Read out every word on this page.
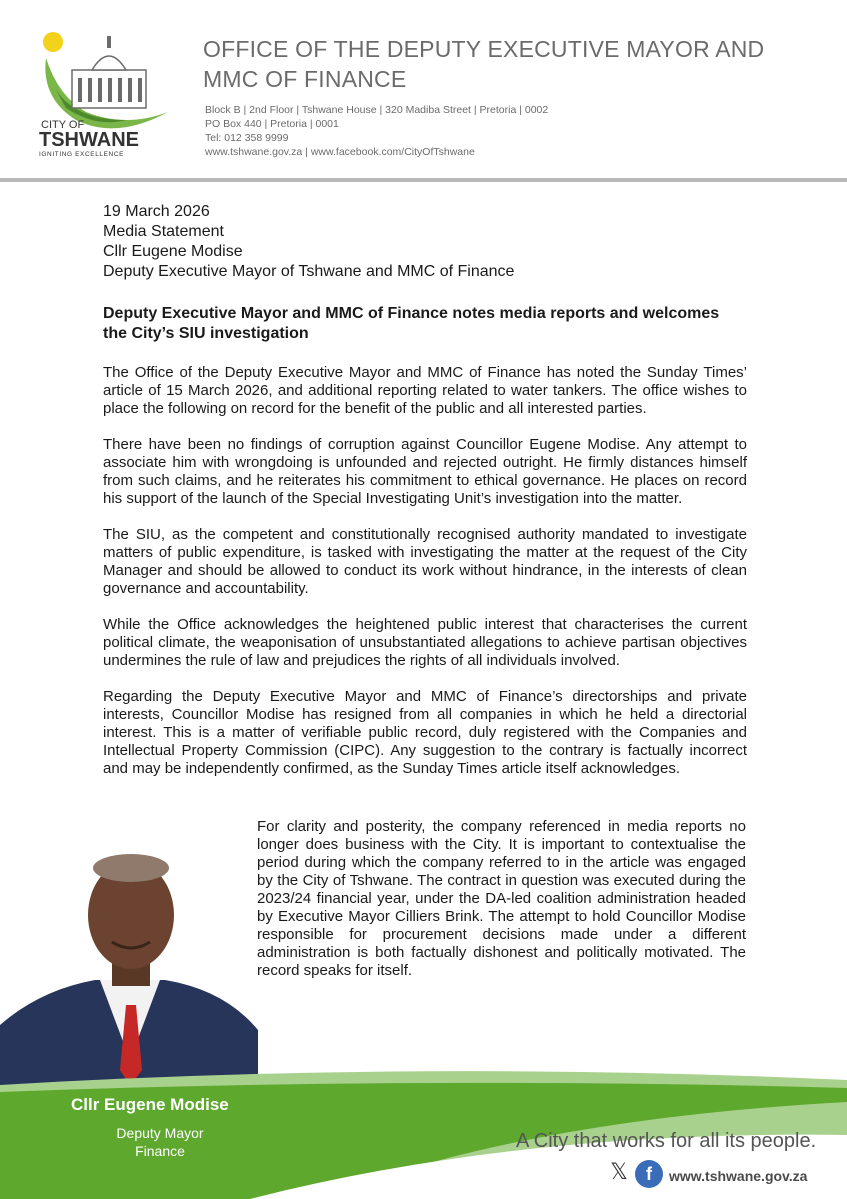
CITY OF
TSHWANE
IGNITING EXCELLENCE
OFFICE OF THE DEPUTY EXECUTIVE MAYOR AND
MMC OF FINANCE
Block B | 2nd Floor | Tshwane House | 320 Madiba Street | Pretoria | 0002
PO Box 440 | Pretoria | 0001
Tel: 012 358 9999
www.tshwane.gov.za | www.facebook.com/CityOfTshwane
19 March 2026
Media Statement
Cllr Eugene Modise
Deputy Executive Mayor of Tshwane and MMC of Finance
Deputy Executive Mayor and MMC of Finance notes media reports and welcomes the City’s SIU investigation
The Office of the Deputy Executive Mayor and MMC of Finance has noted the Sunday Times’ article of 15 March 2026, and additional reporting related to water tankers. The office wishes to place the following on record for the benefit of the public and all interested parties.
There have been no findings of corruption against Councillor Eugene Modise. Any attempt to associate him with wrongdoing is unfounded and rejected outright. He firmly distances himself from such claims, and he reiterates his commitment to ethical governance. He places on record his support of the launch of the Special Investigating Unit’s investigation into the matter.
The SIU, as the competent and constitutionally recognised authority mandated to investigate matters of public expenditure, is tasked with investigating the matter at the request of the City Manager and should be allowed to conduct its work without hindrance, in the interests of clean governance and accountability.
While the Office acknowledges the heightened public interest that characterises the current political climate, the weaponisation of unsubstantiated allegations to achieve partisan objectives undermines the rule of law and prejudices the rights of all individuals involved.
Regarding the Deputy Executive Mayor and MMC of Finance’s directorships and private interests, Councillor Modise has resigned from all companies in which he held a directorial interest. This is a matter of verifiable public record, duly registered with the Companies and Intellectual Property Commission (CIPC). Any suggestion to the contrary is factually incorrect and may be independently confirmed, as the Sunday Times article itself acknowledges.
For clarity and posterity, the company referenced in media reports no longer does business with the City. It is important to contextualise the period during which the company referred to in the article was engaged by the City of Tshwane. The contract in question was executed during the 2023/24 financial year, under the DA-led coalition administration headed by Executive Mayor Cilliers Brink. The attempt to hold Councillor Modise responsible for procurement decisions made under a different administration is both factually dishonest and politically motivated. The record speaks for itself.
Cllr Eugene Modise
Deputy Mayor
Finance	A City that works for all its people.
𝕏	f	www.tshwane.gov.za
